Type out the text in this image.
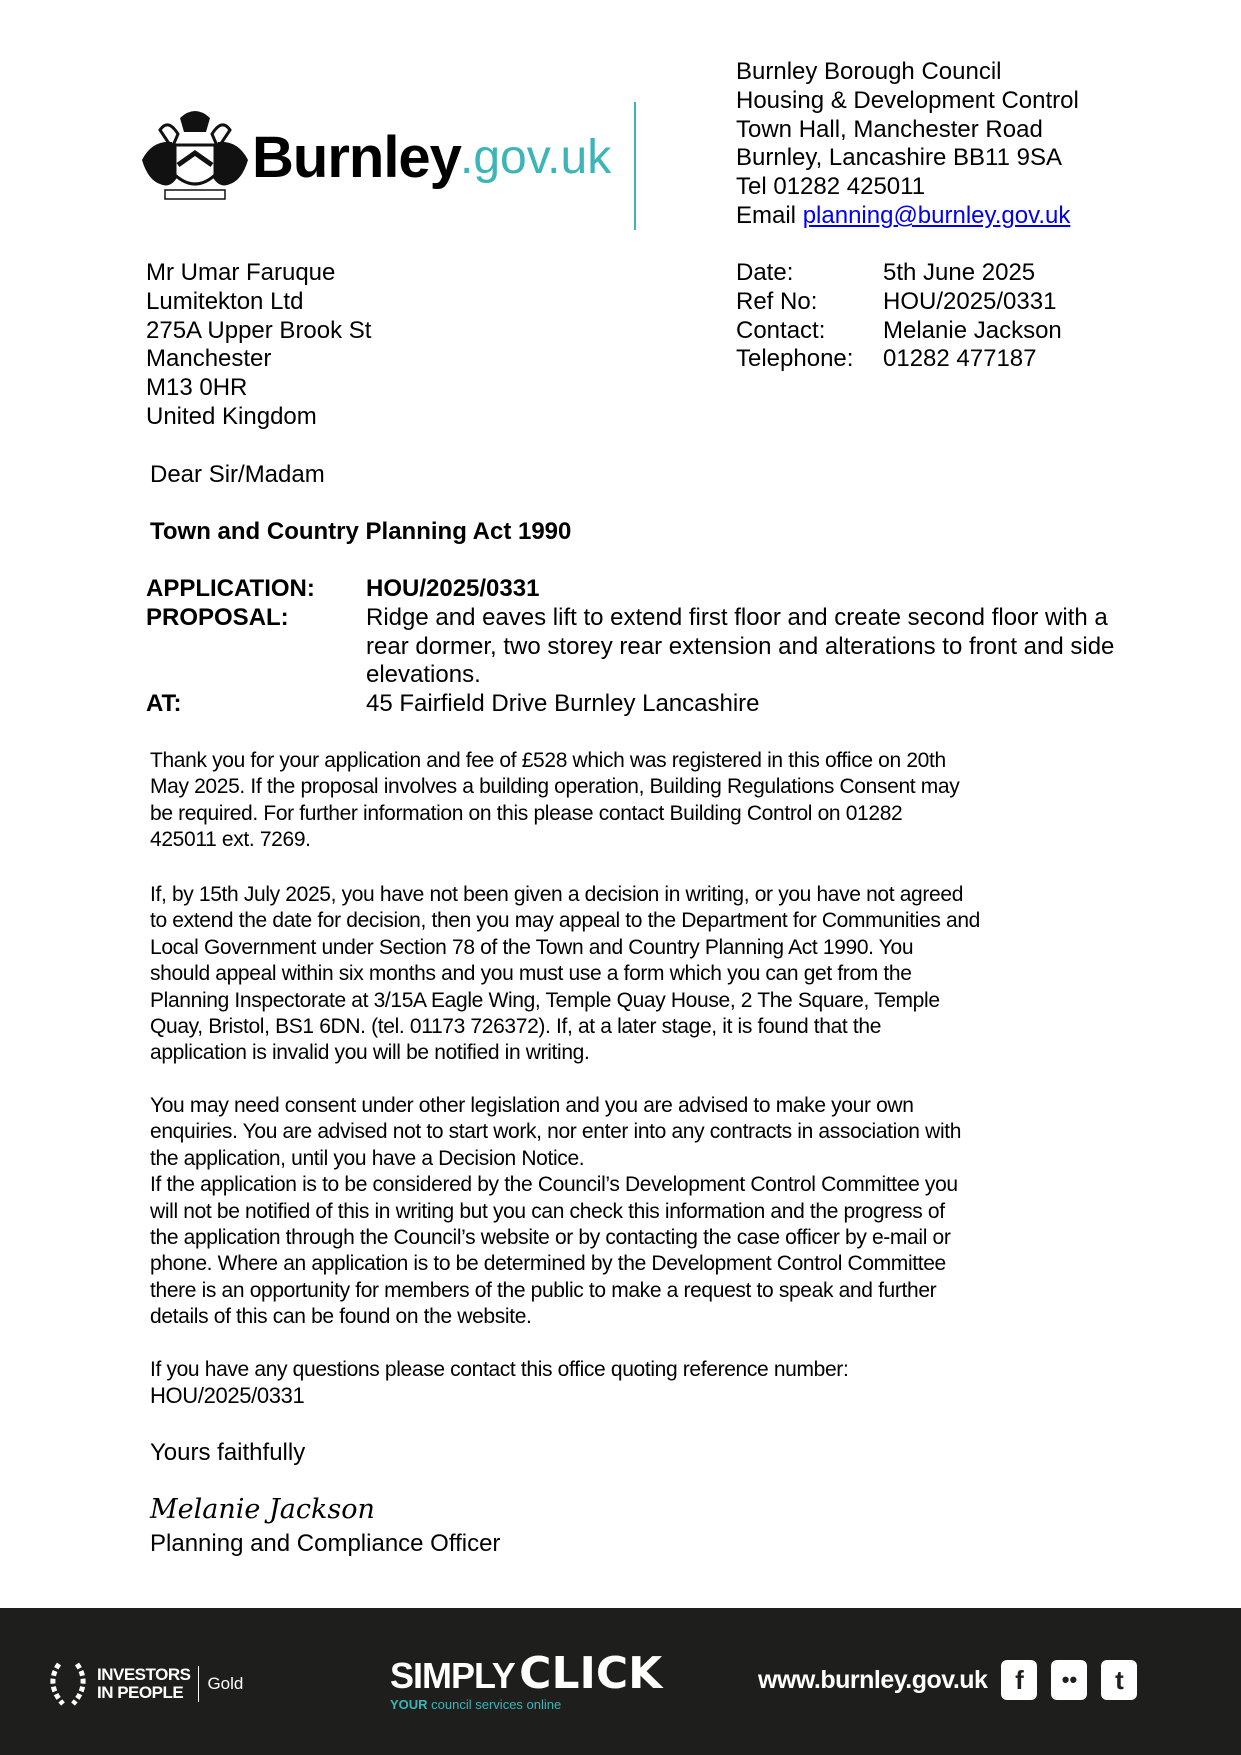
Burnley .gov.uk
Burnley Borough Council
Housing & Development Control
Town Hall, Manchester Road
Burnley, Lancashire BB11 9SA
Tel 01282 425011
Email planning@burnley.gov.uk
Mr Umar Faruque
Lumitekton Ltd
275A Upper Brook St
Manchester
M13 0HR
United Kingdom
Date:	5th June 2025
Ref No:	HOU/2025/0331
Contact:	Melanie Jackson
Telephone:	01282 477187
Dear Sir/Madam
Town and Country Planning Act 1990
APPLICATION:	HOU/2025/0331
PROPOSAL:	Ridge and eaves lift to extend first floor and create second floor with a rear dormer, two storey rear extension and alterations to front and side elevations.
AT:	45 Fairfield Drive Burnley Lancashire
Thank you for your application and fee of £528 which was registered in this office on 20th
May 2025. If the proposal involves a building operation, Building Regulations Consent may
be required. For further information on this please contact Building Control on 01282
425011 ext. 7269.
If, by 15th July 2025, you have not been given a decision in writing, or you have not agreed
to extend the date for decision, then you may appeal to the Department for Communities and
Local Government under Section 78 of the Town and Country Planning Act 1990. You
should appeal within six months and you must use a form which you can get from the
Planning Inspectorate at 3/15A Eagle Wing, Temple Quay House, 2 The Square, Temple
Quay, Bristol, BS1 6DN. (tel. 01173 726372). If, at a later stage, it is found that the
application is invalid you will be notified in writing.
You may need consent under other legislation and you are advised to make your own
enquiries. You are advised not to start work, nor enter into any contracts in association with
the application, until you have a Decision Notice.
If the application is to be considered by the Council’s Development Control Committee you
will not be notified of this in writing but you can check this information and the progress of
the application through the Council’s website or by contacting the case officer by e-mail or
phone. Where an application is to be determined by the Development Control Committee
there is an opportunity for members of the public to make a request to speak and further
details of this can be found on the website.
If you have any questions please contact this office quoting reference number:
HOU/2025/0331
Yours faithfully
Melanie Jackson
Planning and Compliance Officer
INVESTORS
IN PEOPLE	Gold	SIMPLY CLICK
YOUR council services online
www.burnley.gov.uk	f	••	t
